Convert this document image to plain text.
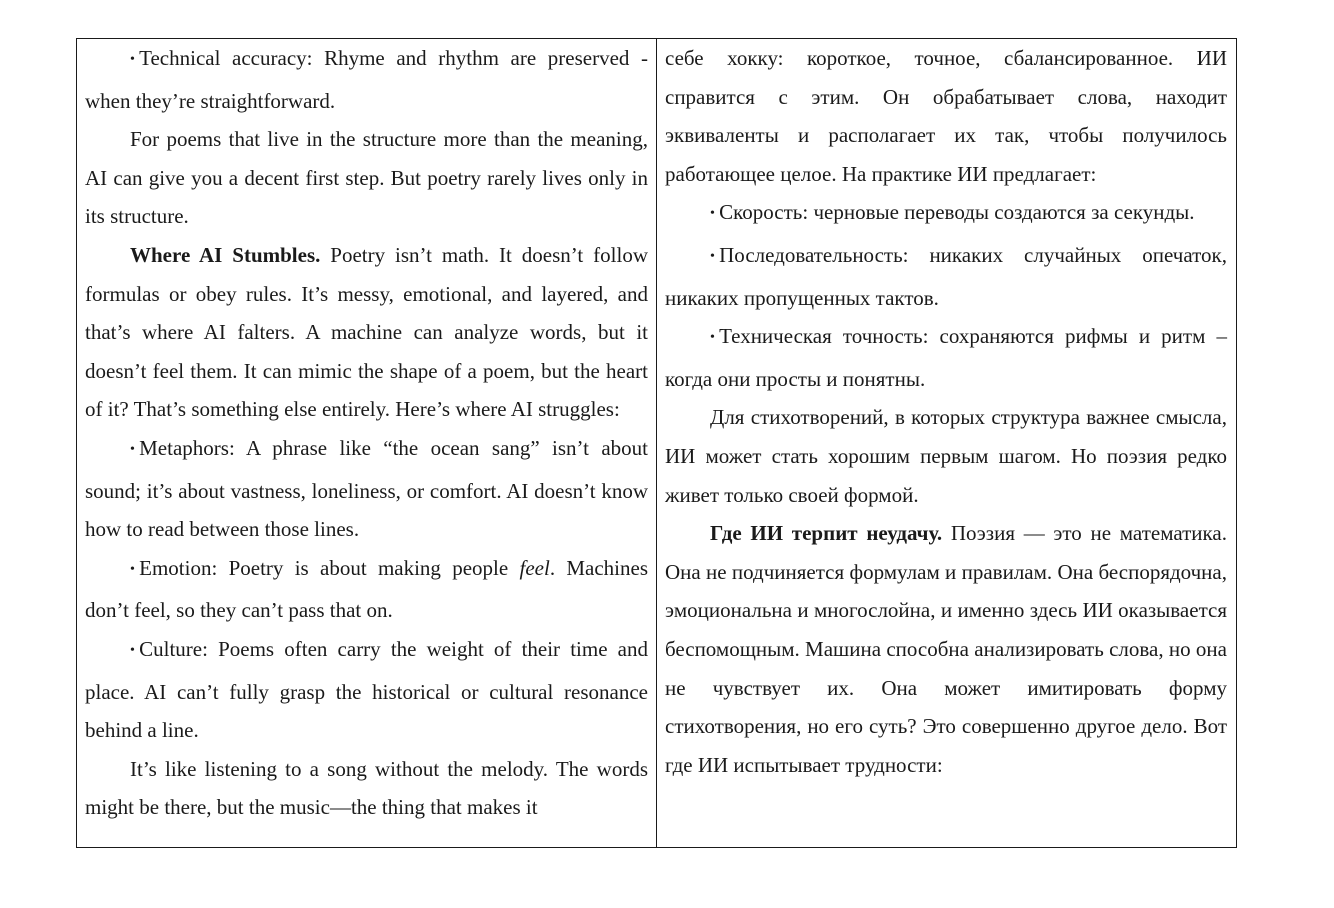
•  Technical accuracy: Rhyme and rhythm are preserved - when they’re straightforward.

For poems that live in the structure more than the meaning, AI can give you a decent first step. But poetry rarely lives only in its structure.

Where AI Stumbles. Poetry isn’t math. It doesn’t follow formulas or obey rules. It’s messy, emotional, and layered, and that’s where AI falters. A machine can analyze words, but it doesn’t feel them. It can mimic the shape of a poem, but the heart of it? That’s something else entirely. Here’s where AI struggles:

•  Metaphors: A phrase like “the ocean sang” isn’t about sound; it’s about vastness, loneliness, or comfort. AI doesn’t know how to read between those lines.

•  Emotion: Poetry is about making people feel. Machines don’t feel, so they can’t pass that on.

•  Culture: Poems often carry the weight of their time and place. AI can’t fully grasp the historical or cultural resonance behind a line.

It’s like listening to a song without the melody. The words might be there, but the music—the thing that makes it

себе хокку: короткое, точное, сбалансированное. ИИ справится с этим. Он обрабатывает слова, находит эквиваленты и располагает их так, чтобы получилось работающее целое. На практике ИИ предлагает:

•  Скорость: черновые переводы создаются за секунды.

•  Последовательность: никаких случайных опечаток, никаких пропущенных тактов.

•  Техническая точность: сохраняются рифмы и ритм – когда они просты и понятны.

Для стихотворений, в которых структура важнее смысла, ИИ может стать хорошим первым шагом. Но поэзия редко живет только своей формой.

Где ИИ терпит неудачу. Поэзия — это не математика. Она не подчиняется формулам и правилам. Она беспорядочна, эмоциональна и многослойна, и именно здесь ИИ оказывается беспомощным. Машина способна анализировать слова, но она не чувствует их. Она может имитировать форму стихотворения, но его суть? Это совершенно другое дело. Вот где ИИ испытывает трудности:
